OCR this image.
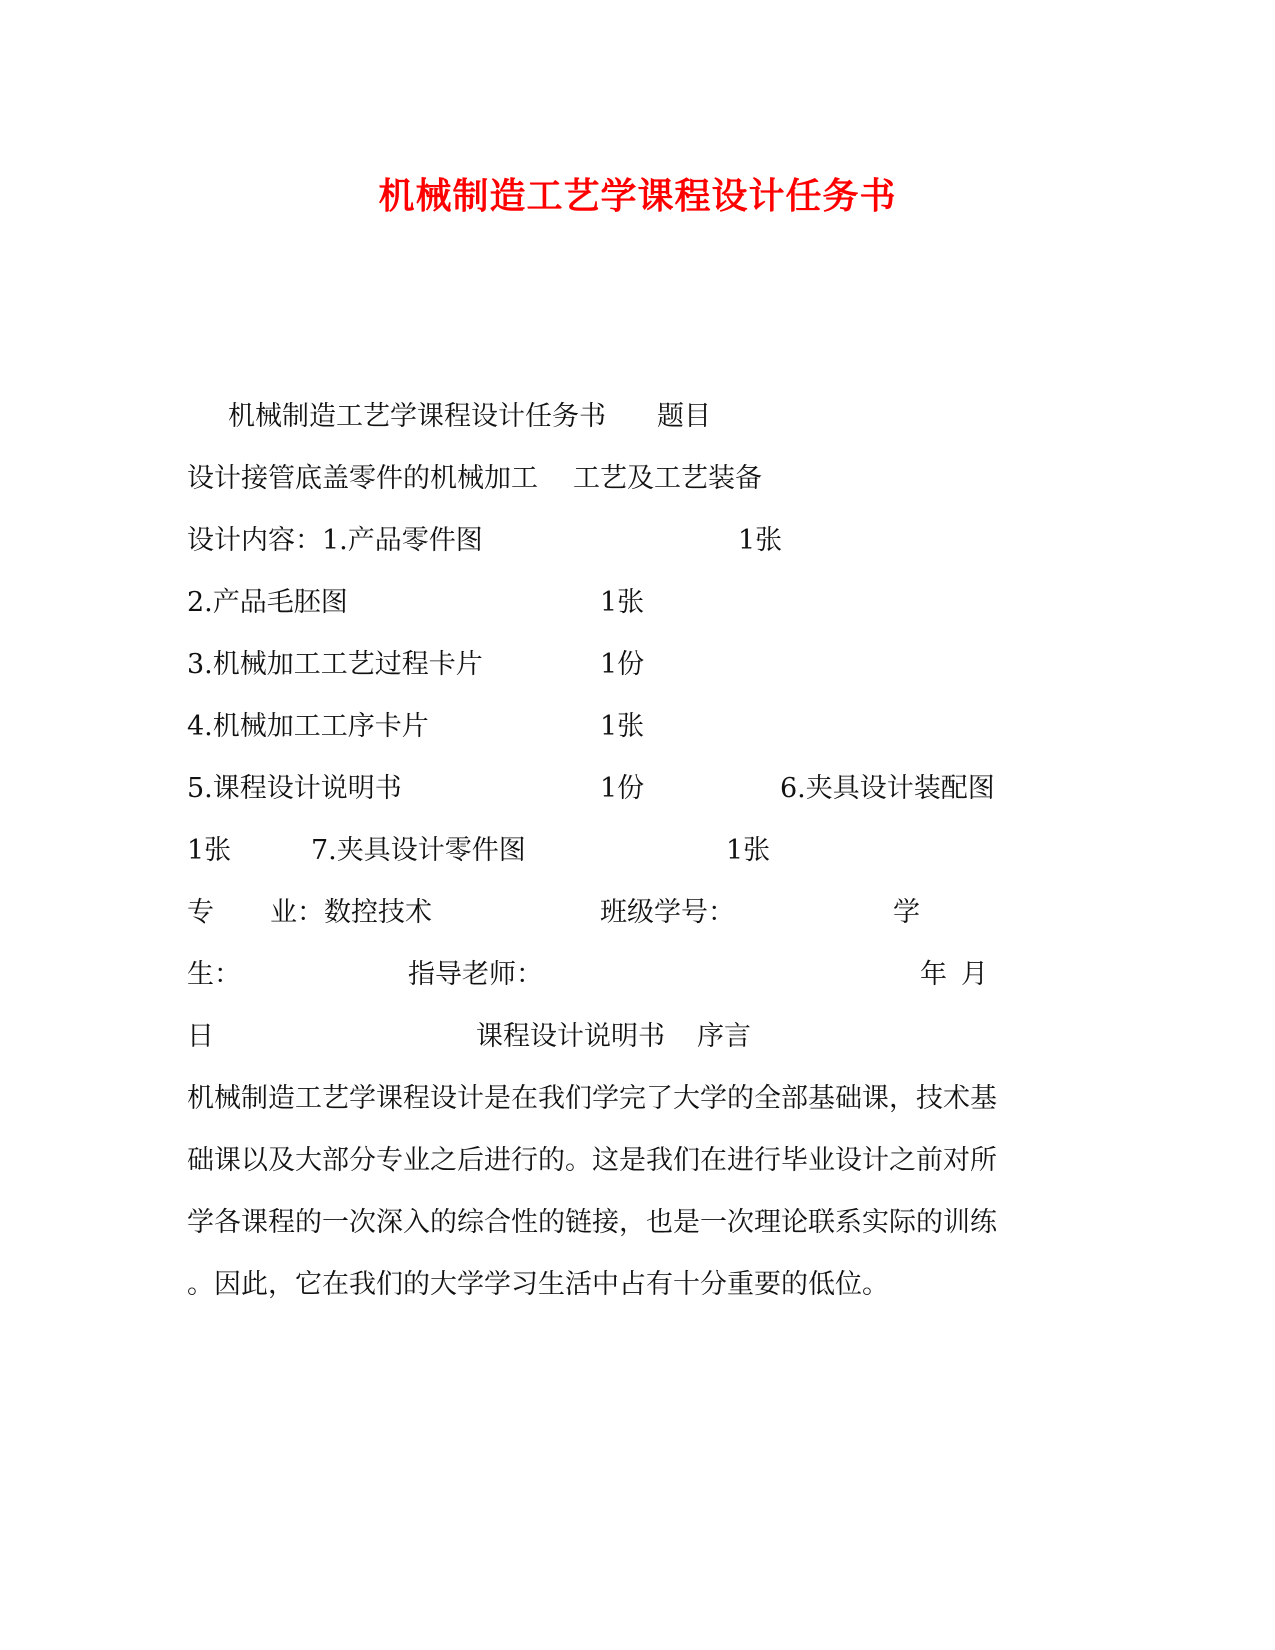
机械制造工艺学课程设计任务书
机械制造工艺学课程设计任务书 题目
设计接管底盖零件的机械加工 工艺及工艺装备
设计内容：1.产品零件图	1张
2.产品毛胚图	1张
3.机械加工工艺过程卡片	1份
4.机械加工工序卡片	1张
5.课程设计说明书	1份	6.夹具设计装配图
1张	7.夹具设计零件图	1张
专 业：数控技术	班级学号：	学
生：	指导老师：	年 月
日	课程设计说明书 序言
机械制造工艺学课程设计是在我们学完了大学的全部基础课，技术基
础课以及大部分专业之后进行的。这是我们在进行毕业设计之前对所
学各课程的一次深入的综合性的链接，也是一次理论联系实际的训练
。因此，它在我们的大学学习生活中占有十分重要的低位。
